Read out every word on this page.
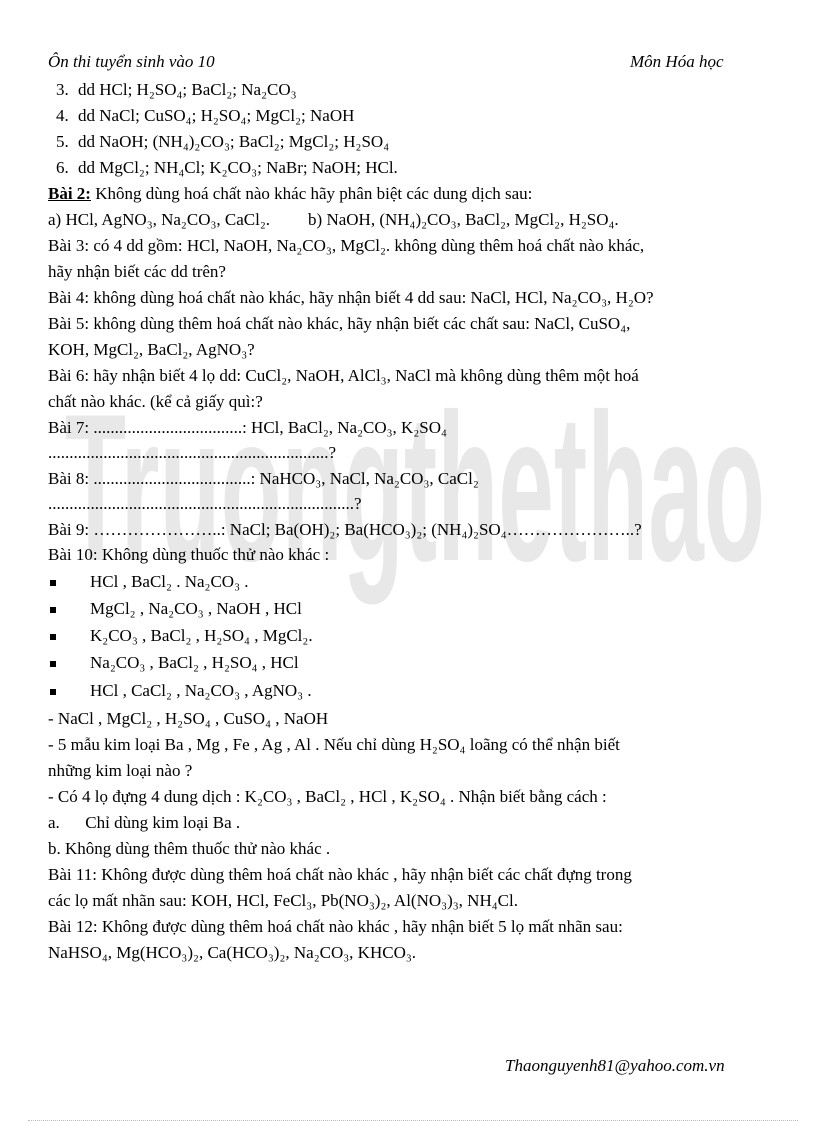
Truongthethao
Ôn thi tuyển sinh vào 10	Môn Hóa học
3. dd HCl; H₂SO₄; BaCl₂; Na₂CO₃
4. dd NaCl; CuSO₄; H₂SO₄; MgCl₂; NaOH
5. dd NaOH; (NH₄)₂CO₃; BaCl₂; MgCl₂; H₂SO₄
6. dd MgCl₂; NH₄Cl; K₂CO₃; NaBr; NaOH; HCl.
Bài 2: Không dùng hoá chất nào khác hãy phân biệt các dung dịch sau:
a) HCl, AgNO₃, Na₂CO₃, CaCl₂. b) NaOH, (NH₄)₂CO₃, BaCl₂, MgCl₂, H₂SO₄.
Bài 3: có 4 dd gồm: HCl, NaOH, Na₂CO₃, MgCl₂. không dùng thêm hoá chất nào khác,
hãy nhận biết các dd trên?
Bài 4: không dùng hoá chất nào khác, hãy nhận biết 4 dd sau: NaCl, HCl, Na₂CO₃, H₂O?
Bài 5: không dùng thêm hoá chất nào khác, hãy nhận biết các chất sau: NaCl, CuSO₄,
KOH, MgCl₂, BaCl₂, AgNO₃?
Bài 6: hãy nhận biết 4 lọ dd: CuCl₂, NaOH, AlCl₃, NaCl mà không dùng thêm một hoá
chất nào khác. (kể cả giấy quì:?
Bài 7: ...................................: HCl, BaCl₂, Na₂CO₃, K₂SO₄
..................................................................?
Bài 8: .....................................: NaHCO₃, NaCl, Na₂CO₃, CaCl₂
........................................................................?
Bài 9: …………………..: NaCl; Ba(OH)₂; Ba(HCO₃)₂; (NH₄)₂SO₄…………………..?
Bài 10: Không dùng thuốc thử nào khác :
HCl , BaCl₂ . Na₂CO₃ .
MgCl₂ , Na₂CO₃ , NaOH , HCl
K₂CO₃ , BaCl₂ , H₂SO₄ , MgCl₂.
Na₂CO₃ , BaCl₂ , H₂SO₄ , HCl
HCl , CaCl₂ , Na₂CO₃ , AgNO₃ .
- NaCl , MgCl₂ , H₂SO₄ , CuSO₄ , NaOH
- 5 mẫu kim loại Ba , Mg , Fe , Ag , Al . Nếu chỉ dùng H₂SO₄ loãng có thể nhận biết
những kim loại nào ?
- Có 4 lọ đựng 4 dung dịch : K₂CO₃ , BaCl₂ , HCl , K₂SO₄ . Nhận biết bằng cách :
a.      Chỉ dùng kim loại Ba .
b. Không dùng thêm thuốc thử nào khác .
Bài 11: Không được dùng thêm hoá chất nào khác , hãy nhận biết các chất đựng trong
các lọ mất nhãn sau: KOH, HCl, FeCl₃, Pb(NO₃)₂, Al(NO₃)₃, NH₄Cl.
Bài 12: Không được dùng thêm hoá chất nào khác , hãy nhận biết 5 lọ mất nhãn sau:
NaHSO₄, Mg(HCO₃)₂, Ca(HCO₃)₂, Na₂CO₃, KHCO₃.
Thaonguyenh81@yahoo.com.vn
